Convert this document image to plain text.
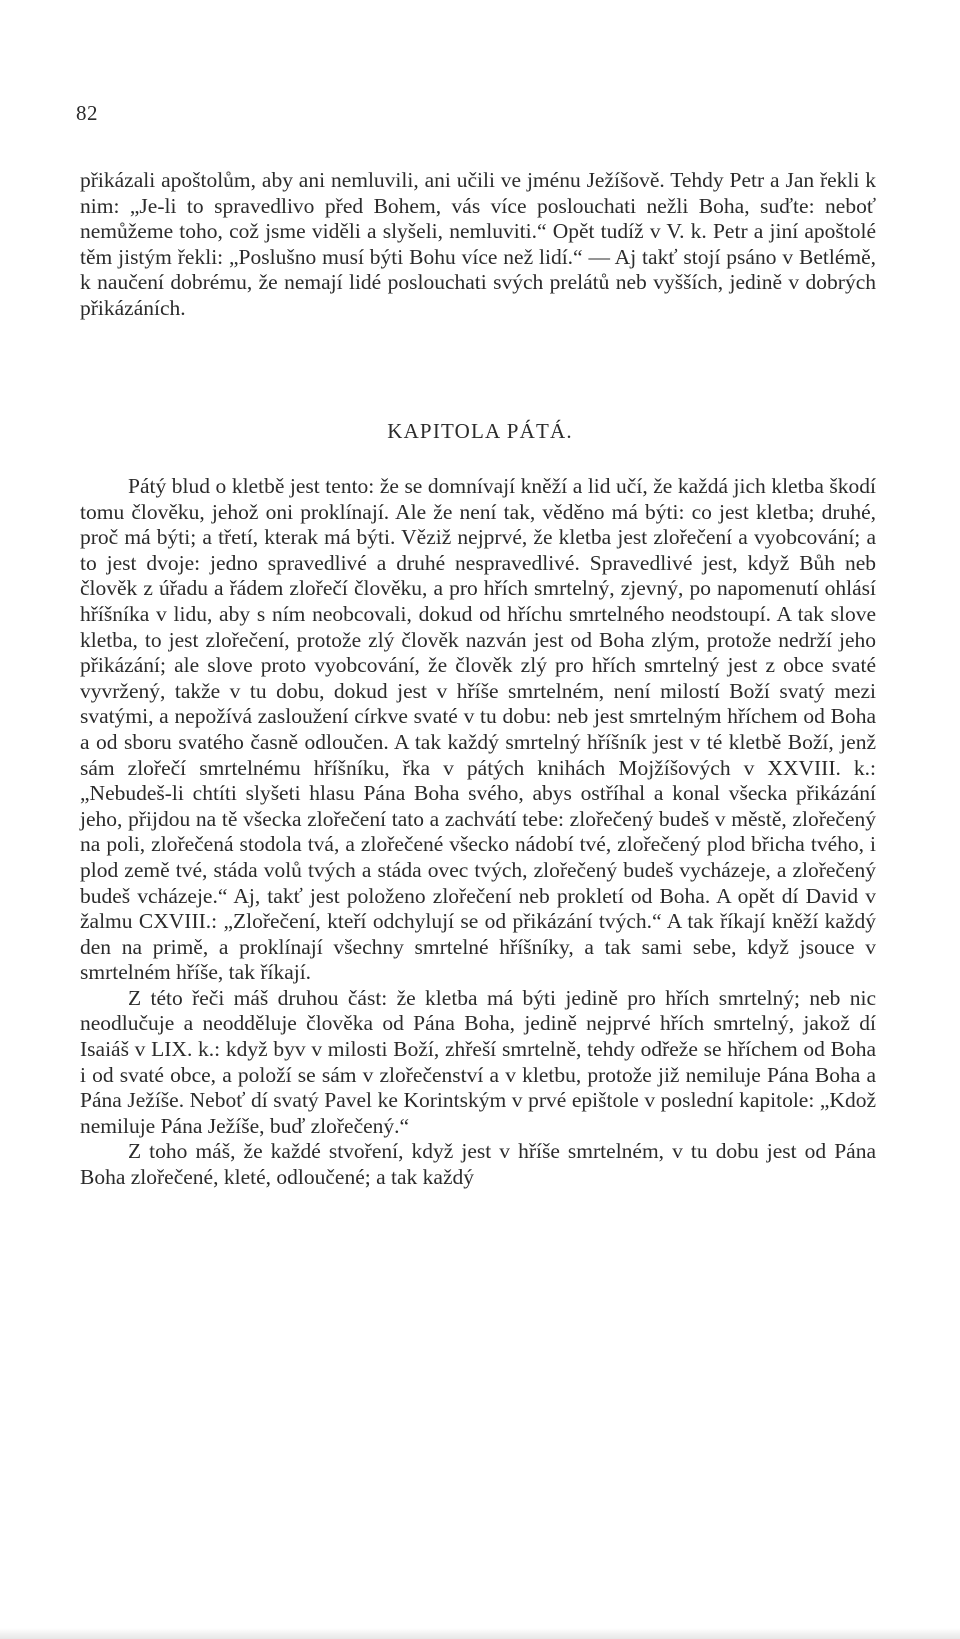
82

přikázali apoštolům, aby ani nemluvili, ani učili ve jménu Ježíšově. Tehdy Petr a Jan řekli k nim: „Je-li to spravedlivo před Bohem, vás více poslouchati nežli Boha, suďte: neboť nemůžeme toho, což jsme viděli a slyšeli, nemluviti.“ Opět tudíž v V. k. Petr a jiní apoštolé těm jistým řekli: „Poslušno musí býti Bohu více než lidí.“ — Aj takť stojí psáno v Betlémě, k naučení dobrému, že nemají lidé poslouchati svých prelátů neb vyšších, jedině v dobrých přikázáních.

KAPITOLA PÁTÁ.

Pátý blud o kletbě jest tento: že se domnívají kněží a lid učí, že každá jich kletba škodí tomu člověku, jehož oni proklínají. Ale že není tak, věděno má býti: co jest kletba; druhé, proč má býti; a třetí, kterak má býti. Věziž nejprvé, že kletba jest zlořečení a vyobcování; a to jest dvoje: jedno spravedlivé a druhé nespravedlivé. Spravedlivé jest, když Bůh neb člověk z úřadu a řádem zlořečí člověku, a pro hřích smrtelný, zjevný, po napomenutí ohlásí hříšníka v lidu, aby s ním neobcovali, dokud od hříchu smrtelného neodstoupí. A tak slove kletba, to jest zlořečení, protože zlý člověk nazván jest od Boha zlým, protože nedrží jeho přikázání; ale slove proto vyobcování, že člověk zlý pro hřích smrtelný jest z obce svaté vyvržený, takže v tu dobu, dokud jest v hříše smrtelném, není milostí Boží svatý mezi svatými, a nepožívá zasloužení církve svaté v tu dobu: neb jest smrtelným hříchem od Boha a od sboru svatého časně odloučen. A tak každý smrtelný hříšník jest v té kletbě Boží, jenž sám zlořečí smrtelnému hříšníku, řka v pátých knihách Mojžíšových v XXVIII. k.: „Nebudeš-li chtíti slyšeti hlasu Pána Boha svého, abys ostříhal a konal všecka přikázání jeho, přijdou na tě všecka zlořečení tato a zachvátí tebe: zlořečený budeš v městě, zlořečený na poli, zlořečená stodola tvá, a zlořečené všecko nádobí tvé, zlořečený plod břicha tvého, i plod země tvé, stáda volů tvých a stáda ovec tvých, zlořečený budeš vycházeje, a zlořečený budeš vcházeje.“ Aj, takť jest položeno zlořečení neb prokletí od Boha. A opět dí David v žalmu CXVIII.: „Zlořečení, kteří odchylují se od přikázání tvých.“ A tak říkají kněží každý den na primě, a proklínají všechny smrtelné hříšníky, a tak sami sebe, když jsouce v smrtelném hříše, tak říkají.

Z této řeči máš druhou část: že kletba má býti jedině pro hřích smrtelný; neb nic neodlučuje a neodděluje člověka od Pána Boha, jedině nejprvé hřích smrtelný, jakož dí Isaiáš v LIX. k.: když byv v milosti Boží, zhřeší smrtelně, tehdy odřeže se hříchem od Boha i od svaté obce, a položí se sám v zlořečenství a v kletbu, protože již nemiluje Pána Boha a Pána Ježíše. Neboť dí svatý Pavel ke Korintským v prvé epištole v poslední kapitole: „Kdož nemiluje Pána Ježíše, buď zlořečený.“

Z toho máš, že každé stvoření, když jest v hříše smrtelném, v tu dobu jest od Pána Boha zlořečené, kleté, odloučené; a tak každý
